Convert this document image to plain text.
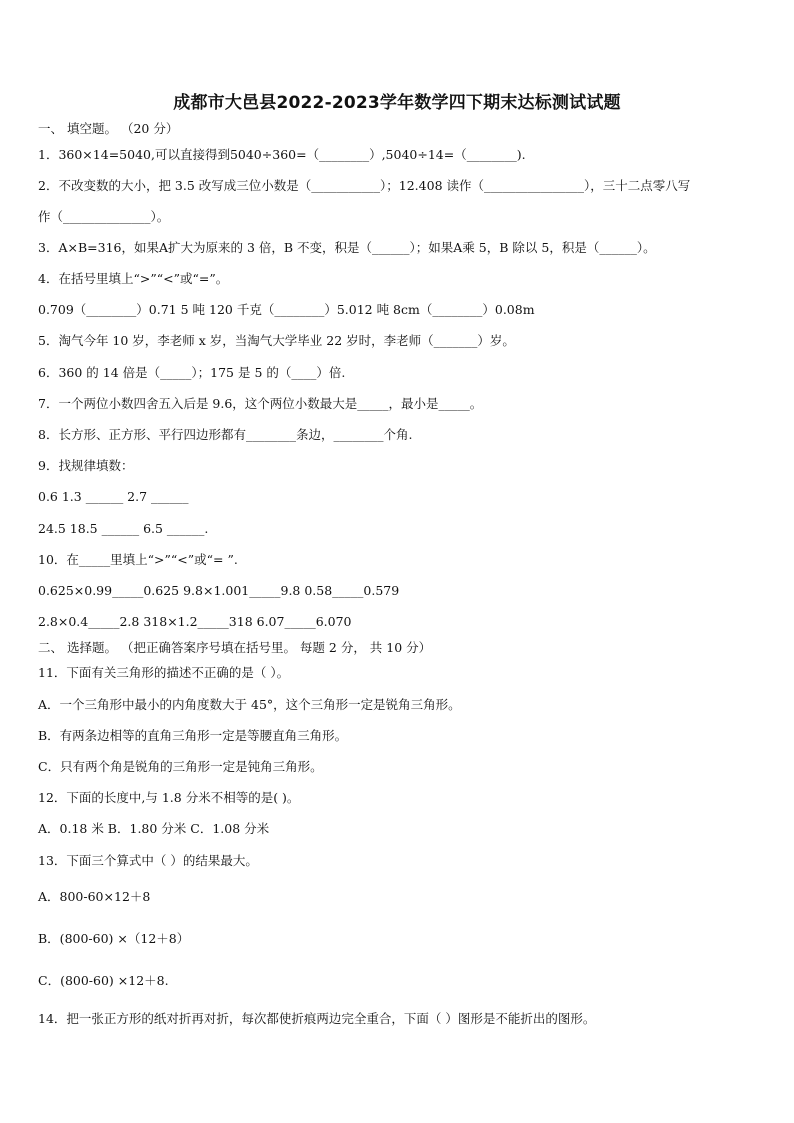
成都市大邑县2022-2023学年数学四下期末达标测试试题
一、 填空题。 （20 分）
1．360×14=5040,可以直接得到5040÷360=（________）,5040÷14=（________).
2．不改变数的大小，把 3.5 改写成三位小数是（___________）；12.408 读作（________________），三十二点零八写
作（______________）。
3．A×B=316，如果A扩大为原来的 3 倍，B 不变，积是（______）；如果A乘 5，B 除以 5，积是（______）。
4．在括号里填上“>”“<”或“=”。
0.709（________）0.71 5 吨 120 千克（________）5.012 吨 8cm（________）0.08m
5．淘气今年 10 岁，李老师 x 岁，当淘气大学毕业 22 岁时，李老师（_______）岁。
6．360 的 14 倍是（_____）；175 是 5 的（____）倍.
7．一个两位小数四舍五入后是 9.6，这个两位小数最大是_____，最小是_____。
8．长方形、正方形、平行四边形都有________条边，________个角.
9．找规律填数：
0.6 1.3 ______ 2.7 ______
24.5 18.5 ______ 6.5 ______.
10．在_____里填上“>”“<”或“= ”.
0.625×0.99_____0.625 9.8×1.001_____9.8 0.58_____0.579
2.8×0.4_____2.8 318×1.2_____318 6.07_____6.070
二、 选择题。 （把正确答案序号填在括号里。 每题 2 分， 共 10 分）
11．下面有关三角形的描述不正确的是（ ）。
A．一个三角形中最小的内角度数大于 45°，这个三角形一定是锐角三角形。
B．有两条边相等的直角三角形一定是等腰直角三角形。
C．只有两个角是锐角的三角形一定是钝角三角形。
12．下面的长度中,与 1.8 分米不相等的是( )。
A．0.18 米 B．1.80 分米 C．1.08 分米
13．下面三个算式中（ ）的结果最大。
A．800-60×12＋8
B．(800-60) ×（12＋8）
C．(800-60) ×12＋8.
14．把一张正方形的纸对折再对折，每次都使折痕两边完全重合，下面（ ）图形是不能折出的图形。
